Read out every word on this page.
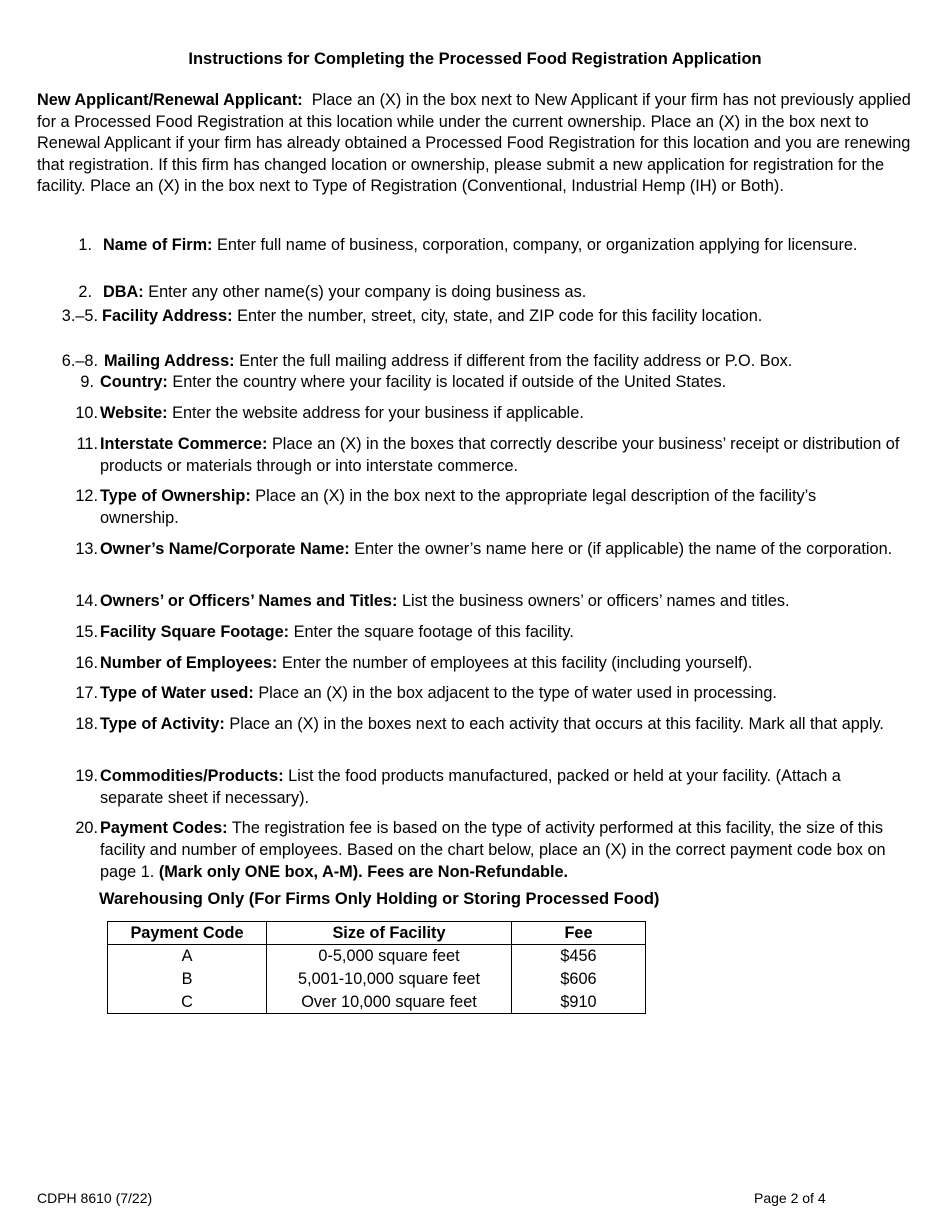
Instructions for Completing the Processed Food Registration Application

New Applicant/Renewal Applicant: Place an (X) in the box next to New Applicant if your firm has not previously applied for a Processed Food Registration at this location while under the current ownership. Place an (X) in the box next to Renewal Applicant if your firm has already obtained a Processed Food Registration for this location and you are renewing that registration. If this firm has changed location or ownership, please submit a new application for registration for the facility. Place an (X) in the box next to Type of Registration (Conventional, Industrial Hemp (IH) or Both).

1. Name of Firm: Enter full name of business, corporation, company, or organization applying for licensure.
2. DBA: Enter any other name(s) your company is doing business as.
3.–5. Facility Address: Enter the number, street, city, state, and ZIP code for this facility location.
6.–8. Mailing Address: Enter the full mailing address if different from the facility address or P.O. Box.
9. Country: Enter the country where your facility is located if outside of the United States.
10. Website: Enter the website address for your business if applicable.
11. Interstate Commerce: Place an (X) in the boxes that correctly describe your business’ receipt or distribution of products or materials through or into interstate commerce.
12. Type of Ownership: Place an (X) in the box next to the appropriate legal description of the facility’s ownership.
13. Owner’s Name/Corporate Name: Enter the owner’s name here or (if applicable) the name of the corporation.
14. Owners’ or Officers’ Names and Titles: List the business owners’ or officers’ names and titles.
15. Facility Square Footage: Enter the square footage of this facility.
16. Number of Employees: Enter the number of employees at this facility (including yourself).
17. Type of Water used: Place an (X) in the box adjacent to the type of water used in processing.
18. Type of Activity: Place an (X) in the boxes next to each activity that occurs at this facility. Mark all that apply.
19. Commodities/Products: List the food products manufactured, packed or held at your facility. (Attach a separate sheet if necessary).
20. Payment Codes: The registration fee is based on the type of activity performed at this facility, the size of this facility and number of employees. Based on the chart below, place an (X) in the correct payment code box on page 1. (Mark only ONE box, A-M). Fees are Non-Refundable.
Warehousing Only (For Firms Only Holding or Storing Processed Food)
Payment Code	Size of Facility	Fee
A	0-5,000 square feet	$456
B	5,001-10,000 square feet	$606
C	Over 10,000 square feet	$910

CDPH 8610 (7/22)	Page 2 of 4
